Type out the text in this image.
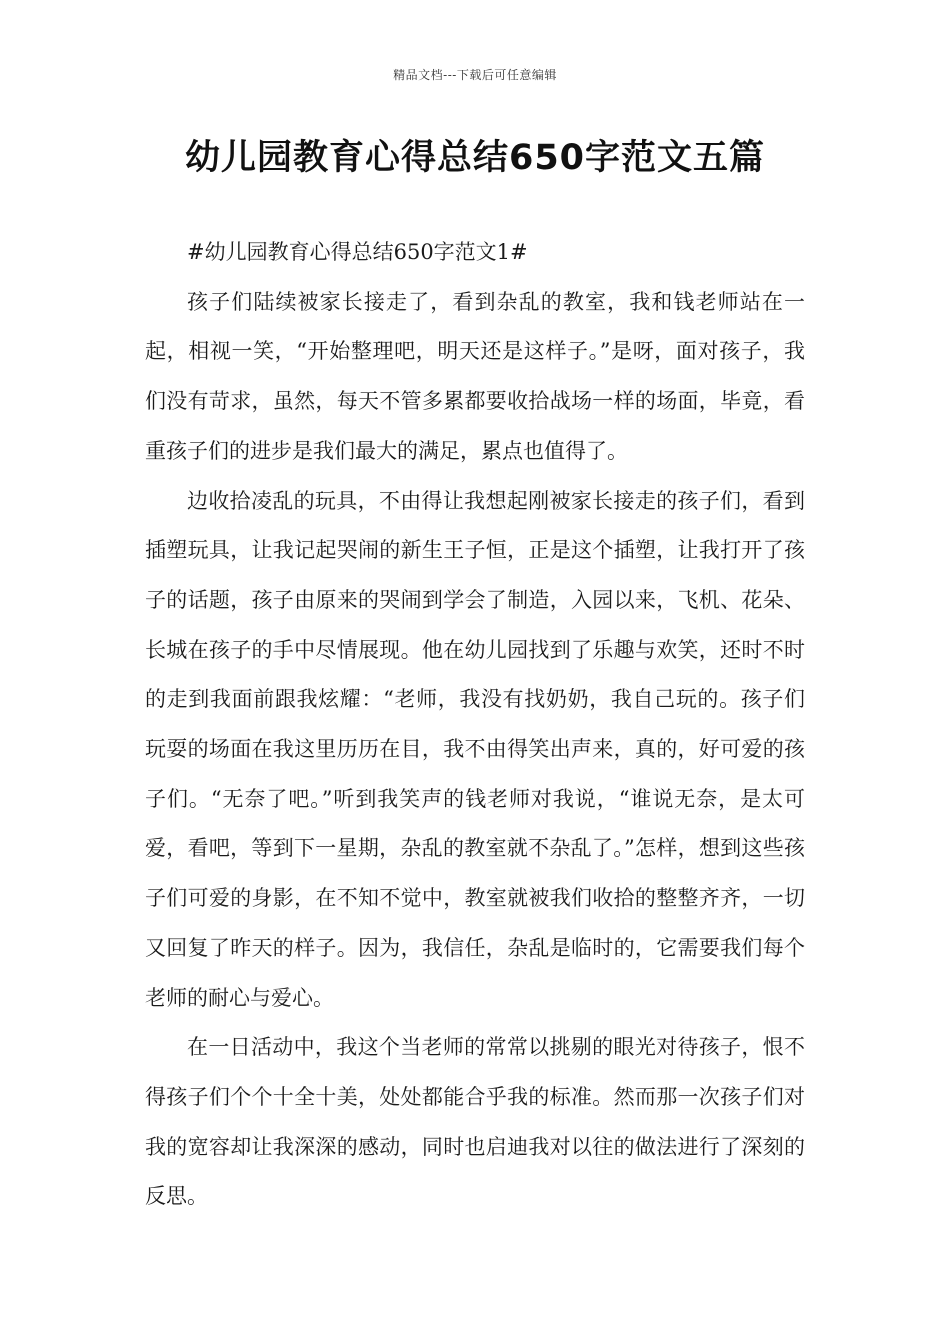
精品文档---下载后可任意编辑
幼儿园教育心得总结650字范文五篇

#幼儿园教育心得总结650字范文1#

孩子们陆续被家长接走了，看到杂乱的教室，我和钱老师站在一起，相视一笑，“开始整理吧，明天还是这样子。”是呀，面对孩子，我们没有苛求，虽然，每天不管多累都要收拾战场一样的场面，毕竟，看重孩子们的进步是我们最大的满足，累点也值得了。

边收拾凌乱的玩具，不由得让我想起刚被家长接走的孩子们，看到插塑玩具，让我记起哭闹的新生王子恒，正是这个插塑，让我打开了孩子的话题，孩子由原来的哭闹到学会了制造，入园以来，飞机、花朵、长城在孩子的手中尽情展现。他在幼儿园找到了乐趣与欢笑，还时不时的走到我面前跟我炫耀：“老师，我没有找奶奶，我自己玩的。孩子们玩耍的场面在我这里历历在目，我不由得笑出声来，真的，好可爱的孩子们。“无奈了吧。”听到我笑声的钱老师对我说，“谁说无奈，是太可爱，看吧，等到下一星期，杂乱的教室就不杂乱了。”怎样，想到这些孩子们可爱的身影，在不知不觉中，教室就被我们收拾的整整齐齐，一切又回复了昨天的样子。因为，我信任，杂乱是临时的，它需要我们每个老师的耐心与爱心。

在一日活动中，我这个当老师的常常以挑剔的眼光对待孩子，恨不得孩子们个个十全十美，处处都能合乎我的标准。然而那一次孩子们对我的宽容却让我深深的感动，同时也启迪我对以往的做法进行了深刻的反思。
